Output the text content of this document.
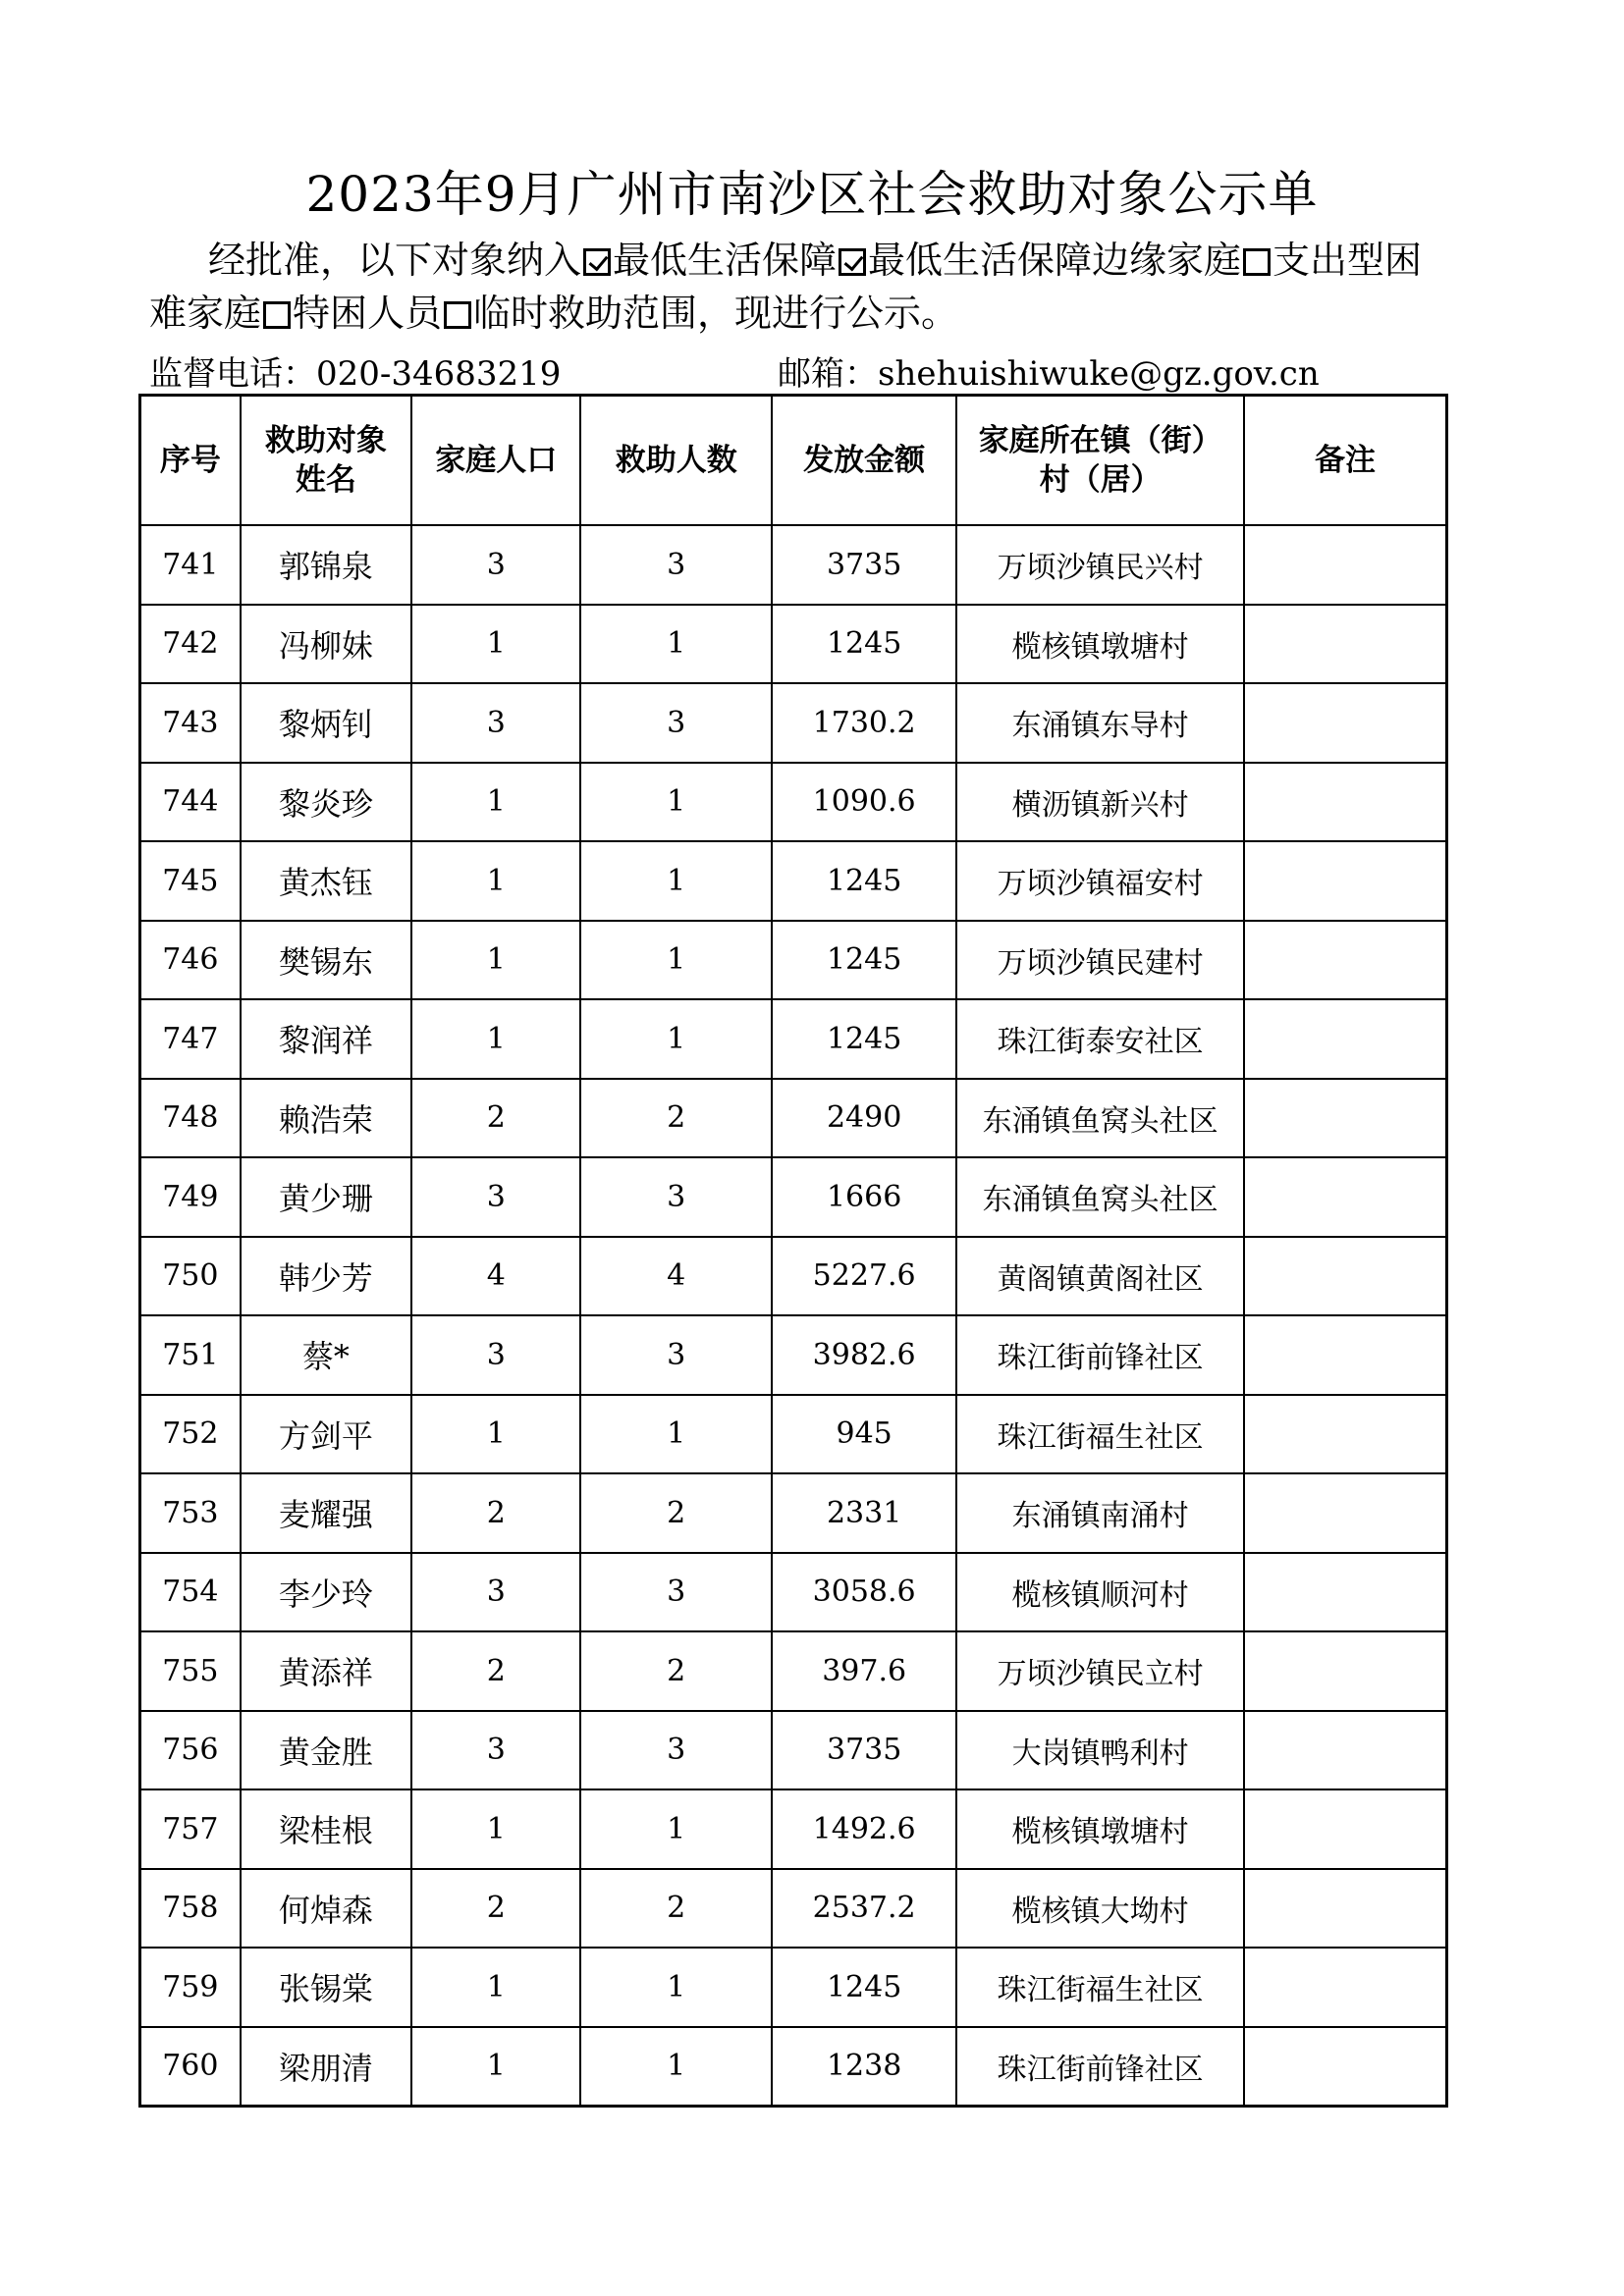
2023年9月广州市南沙区社会救助对象公示单
经批准，以下对象纳入 最低生活保障 最低生活保障边缘家庭 支出型困难家庭 特困人员 临时救助范围，现进行公示。
监督电话：020-34683219	邮箱：shehuishiwuke@gz.gov.cn
序号	救助对象姓名	家庭人口	救助人数	发放金额	家庭所在镇（街）村（居）	备注
741	郭锦泉	3	3	3735	万顷沙镇民兴村	
742	冯柳妹	1	1	1245	榄核镇墩塘村	
743	黎炳钊	3	3	1730.2	东涌镇东导村	
744	黎炎珍	1	1	1090.6	横沥镇新兴村	
745	黄杰钰	1	1	1245	万顷沙镇福安村	
746	樊锡东	1	1	1245	万顷沙镇民建村	
747	黎润祥	1	1	1245	珠江街泰安社区	
748	赖浩荣	2	2	2490	东涌镇鱼窝头社区	
749	黄少珊	3	3	1666	东涌镇鱼窝头社区	
750	韩少芳	4	4	5227.6	黄阁镇黄阁社区	
751	蔡*	3	3	3982.6	珠江街前锋社区	
752	方剑平	1	1	945	珠江街福生社区	
753	麦耀强	2	2	2331	东涌镇南涌村	
754	李少玲	3	3	3058.6	榄核镇顺河村	
755	黄添祥	2	2	397.6	万顷沙镇民立村	
756	黄金胜	3	3	3735	大岗镇鸭利村	
757	梁桂根	1	1	1492.6	榄核镇墩塘村	
758	何焯森	2	2	2537.2	榄核镇大坳村	
759	张锡棠	1	1	1245	珠江街福生社区	
760	梁朋清	1	1	1238	珠江街前锋社区	
